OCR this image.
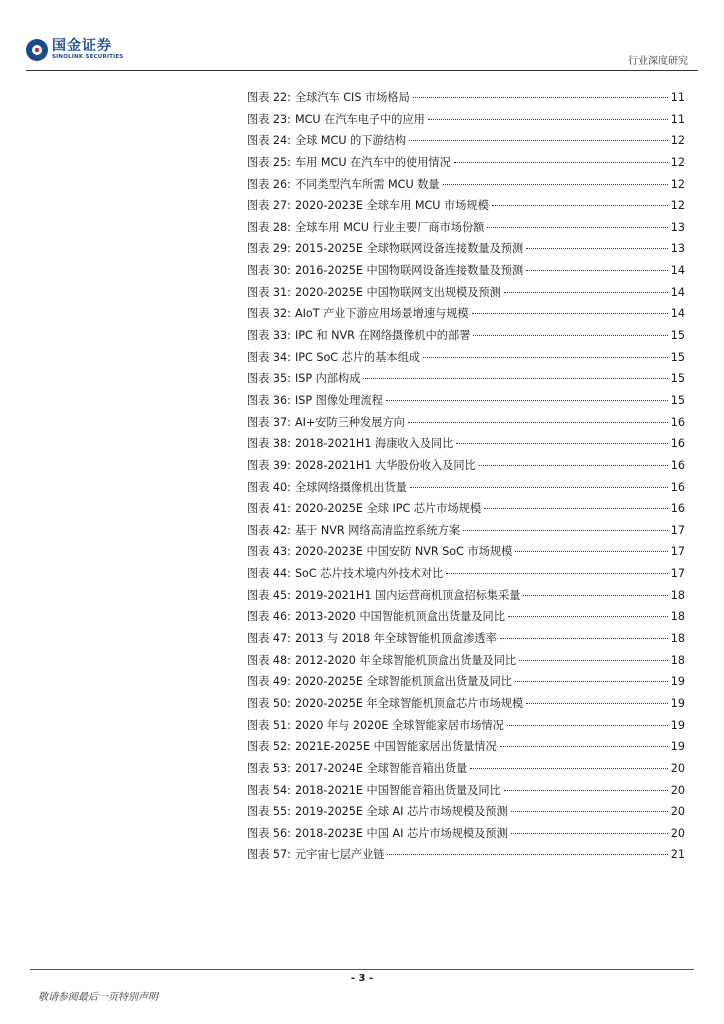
国金证券
SINOLINK SECURITIES	行业深度研究
图表 22: 全球汽车 CIS 市场格局	11
图表 23: MCU 在汽车电子中的应用	11
图表 24: 全球 MCU 的下游结构	12
图表 25: 车用 MCU 在汽车中的使用情况	12
图表 26: 不同类型汽车所需 MCU 数量	12
图表 27: 2020-2023E 全球车用 MCU 市场规模	12
图表 28: 全球车用 MCU 行业主要厂商市场份额	13
图表 29: 2015-2025E 全球物联网设备连接数量及预测	13
图表 30: 2016-2025E 中国物联网设备连接数量及预测	14
图表 31: 2020-2025E 中国物联网支出规模及预测	14
图表 32: AIoT 产业下游应用场景增速与规模	14
图表 33: IPC 和 NVR 在网络摄像机中的部署	15
图表 34: IPC SoC 芯片的基本组成	15
图表 35: ISP 内部构成	15
图表 36: ISP 图像处理流程	15
图表 37: AI+安防三种发展方向	16
图表 38: 2018-2021H1 海康收入及同比	16
图表 39: 2028-2021H1 大华股份收入及同比	16
图表 40: 全球网络摄像机出货量	16
图表 41: 2020-2025E 全球 IPC 芯片市场规模	16
图表 42: 基于 NVR 网络高清监控系统方案	17
图表 43: 2020-2023E 中国安防 NVR SoC 市场规模	17
图表 44: SoC 芯片技术境内外技术对比	17
图表 45: 2019-2021H1 国内运营商机顶盒招标集采量	18
图表 46: 2013-2020 中国智能机顶盒出货量及同比	18
图表 47: 2013 与 2018 年全球智能机顶盒渗透率	18
图表 48: 2012-2020 年全球智能机顶盒出货量及同比	18
图表 49: 2020-2025E 全球智能机顶盒出货量及同比	19
图表 50: 2020-2025E 年全球智能机顶盒芯片市场规模	19
图表 51: 2020 年与 2020E 全球智能家居市场情况	19
图表 52: 2021E-2025E 中国智能家居出货量情况	19
图表 53: 2017-2024E 全球智能音箱出货量	20
图表 54: 2018-2021E 中国智能音箱出货量及同比	20
图表 55: 2019-2025E 全球 AI 芯片市场规模及预测	20
图表 56: 2018-2023E 中国 AI 芯片市场规模及预测	20
图表 57: 元宇宙七层产业链	21
- 3 -
敬请参阅最后一页特别声明
